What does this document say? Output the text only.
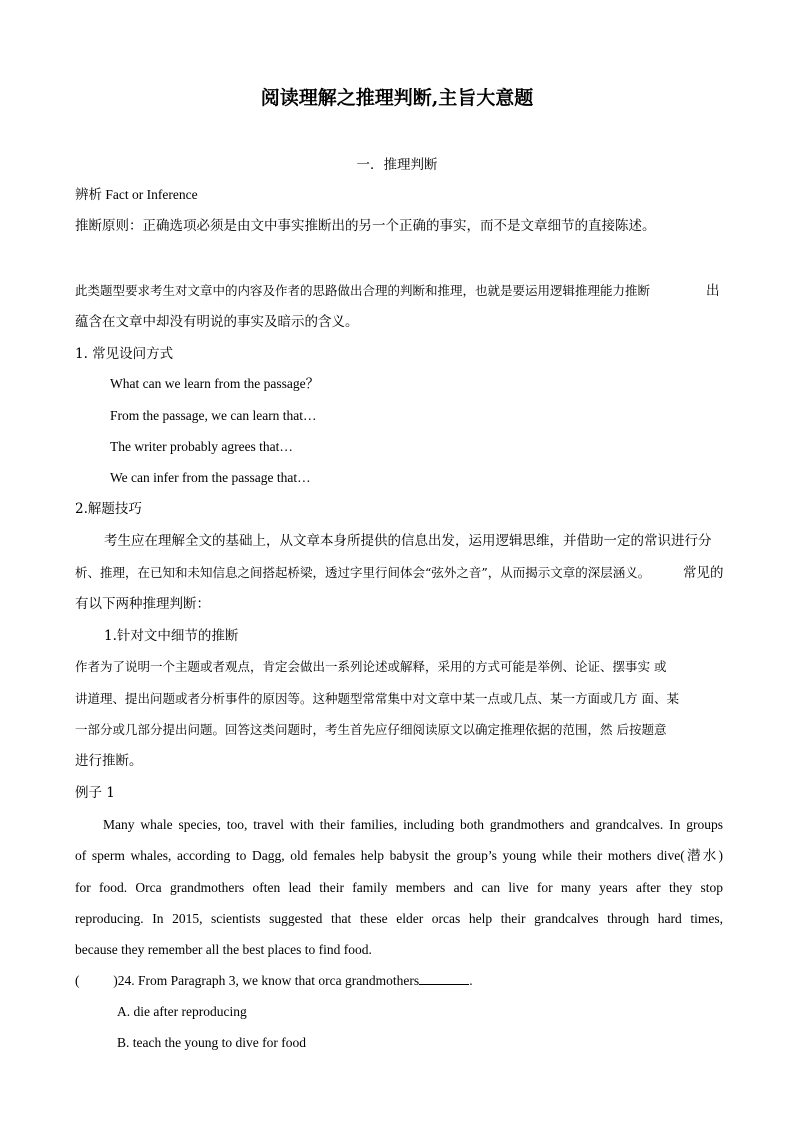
阅读理解之推理判断,主旨大意题
一．推理判断
辨析 Fact or Inference
推断原则：正确选项必须是由文中事实推断出的另一个正确的事实，而不是文章细节的直接陈述。
此类题型要求考生对文章中的内容及作者的思路做出合理的判断和推理，也就是要运用逻辑推理能力推断	出
蕴含在文章中却没有明说的事实及暗示的含义。
1. 常见设问方式
What can we learn from the passage？
From the passage, we can learn that…
The writer probably agrees that…
We can infer from the passage that…
2.解题技巧
考生应在理解全文的基础上，从文章本身所提供的信息出发，运用逻辑思维，并借助一定的常识进行分
析、推理，在已知和未知信息之间搭起桥梁，透过字里行间体会“弦外之音”，从而揭示文章的深层涵义。 常见的
有以下两种推理判断：
1.针对文中细节的推断
作者为了说明一个主题或者观点，肯定会做出一系列论述或解释，采用的方式可能是举例、论证、摆事实 或
讲道理、提出问题或者分析事件的原因等。这种题型常常集中对文章中某一点或几点、某一方面或几方 面、某
一部分或几部分提出问题。回答这类问题时，考生首先应仔细阅读原文以确定推理依据的范围，然 后按题意
进行推断。
例子 1
Many whale species, too, travel with their families, including both grandmothers and grandcalves. In groups
of sperm whales, according to Dagg, old females help babysit the group’s young while their mothers dive(潜水)
for food. Orca grandmothers often lead their family members and can live for many years after they stop
reproducing. In 2015, scientists suggested that these elder orcas help their grandcalves through hard times,
because they remember all the best places to find food.
(          )24. From Paragraph 3, we know that orca grandmothers	.
A. die after reproducing
B. teach the young to dive for food
